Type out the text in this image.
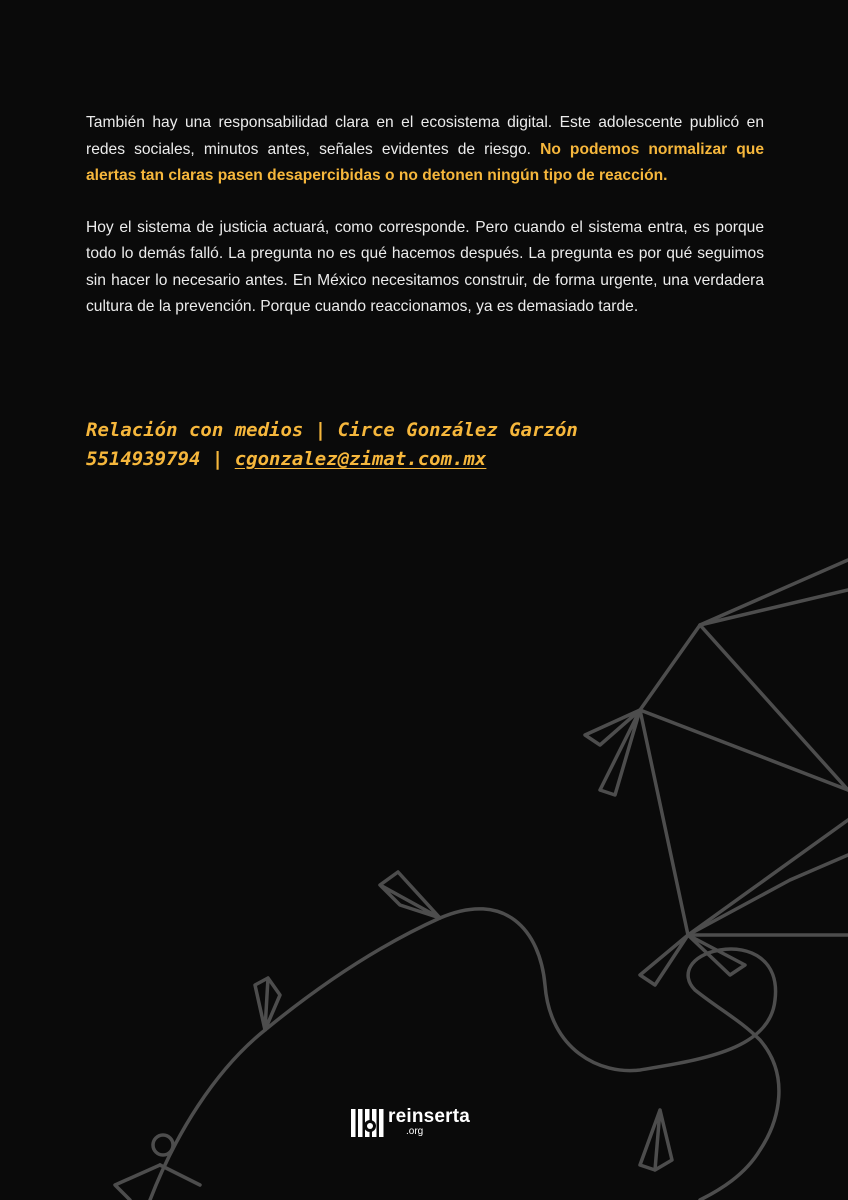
También hay una responsabilidad clara en el ecosistema digital. Este adolescente publicó en redes sociales, minutos antes, señales evidentes de riesgo. No podemos normalizar que alertas tan claras pasen desapercibidas o no detonen ningún tipo de reacción.

Hoy el sistema de justicia actuará, como corresponde. Pero cuando el sistema entra, es porque todo lo demás falló. La pregunta no es qué hacemos después. La pregunta es por qué seguimos sin hacer lo necesario antes. En México necesitamos construir, de forma urgente, una verdadera cultura de la prevención. Porque cuando reaccionamos, ya es demasiado tarde.

Relación con medios | Circe González Garzón
5514939794 | cgonzalez@zimat.com.mx
reinserta
.org
